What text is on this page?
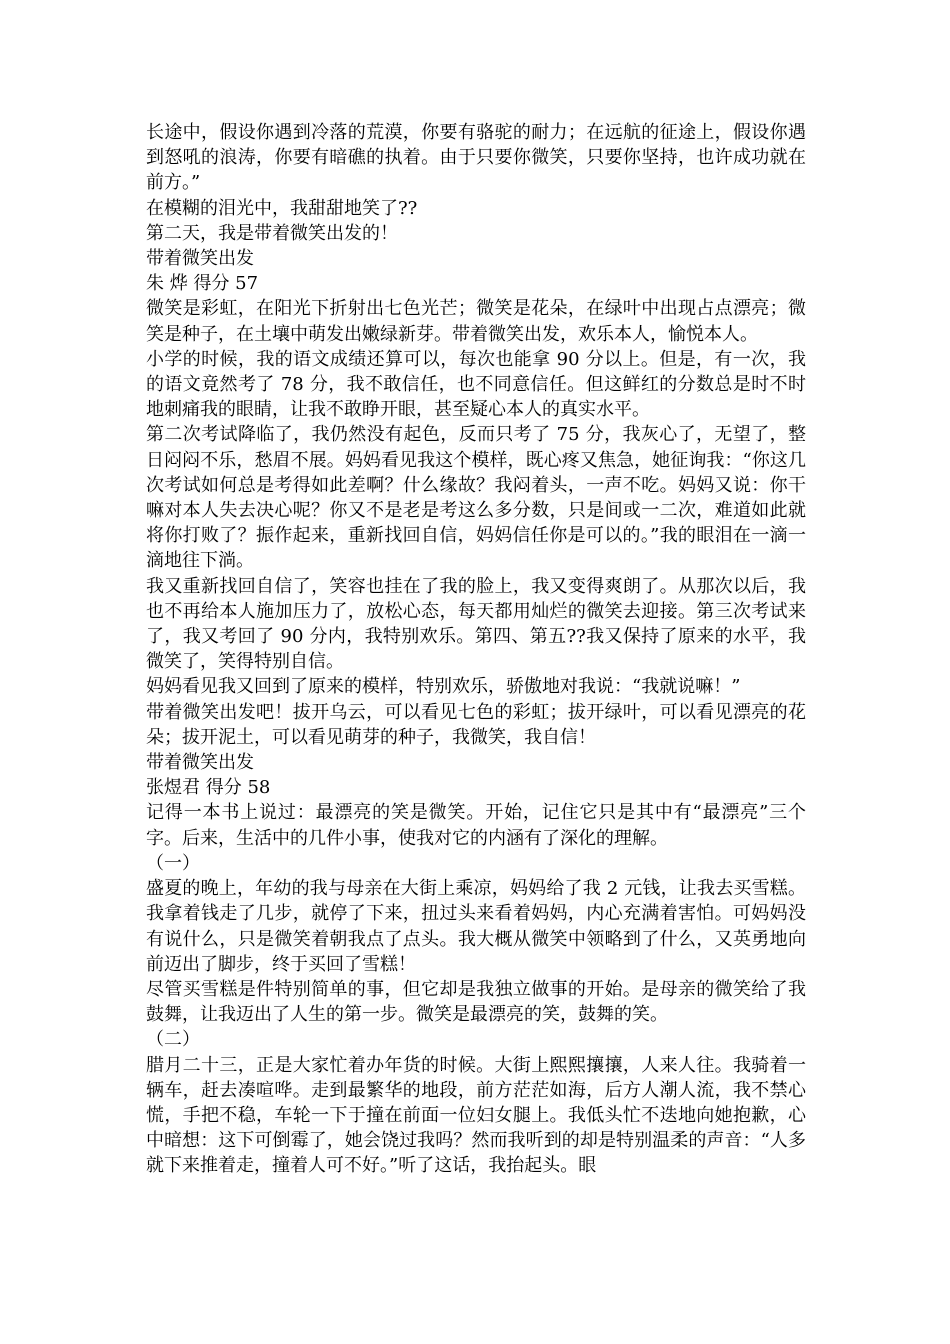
长途中，假设你遇到冷落的荒漠，你要有骆驼的耐力；在远航的征途上，假设你遇到怒吼的浪涛，你要有暗礁的执着。由于只要你微笑，只要你坚持，也许成功就在前方。”

在模糊的泪光中，我甜甜地笑了??

第二天，我是带着微笑出发的！

带着微笑出发

朱 烨 得分 57

微笑是彩虹，在阳光下折射出七色光芒；微笑是花朵，在绿叶中出现占点漂亮；微笑是种子，在土壤中萌发出嫩绿新芽。带着微笑出发，欢乐本人，愉悦本人。

小学的时候，我的语文成绩还算可以，每次也能拿 90 分以上。但是，有一次，我的语文竟然考了 78 分，我不敢信任，也不同意信任。但这鲜红的分数总是时不时地刺痛我的眼睛，让我不敢睁开眼，甚至疑心本人的真实水平。

第二次考试降临了，我仍然没有起色，反而只考了 75 分，我灰心了，无望了，整日闷闷不乐，愁眉不展。妈妈看见我这个模样，既心疼又焦急，她征询我：“你这几次考试如何总是考得如此差啊？什么缘故？我闷着头，一声不吃。妈妈又说：你干嘛对本人失去决心呢？你又不是老是考这么多分数，只是间或一二次，难道如此就将你打败了？振作起来，重新找回自信，妈妈信任你是可以的。”我的眼泪在一滴一滴地往下淌。

我又重新找回自信了，笑容也挂在了我的脸上，我又变得爽朗了。从那次以后，我也不再给本人施加压力了，放松心态，每天都用灿烂的微笑去迎接。第三次考试来了，我又考回了 90 分内，我特别欢乐。第四、第五??我又保持了原来的水平，我微笑了，笑得特别自信。

妈妈看见我又回到了原来的模样，特别欢乐，骄傲地对我说：“我就说嘛！”

带着微笑出发吧！拔开乌云，可以看见七色的彩虹；拔开绿叶，可以看见漂亮的花朵；拔开泥土，可以看见萌芽的种子，我微笑，我自信！

带着微笑出发

张煜君 得分 58

记得一本书上说过：最漂亮的笑是微笑。开始，记住它只是其中有“最漂亮”三个字。后来，生活中的几件小事，使我对它的内涵有了深化的理解。

（一）

盛夏的晚上，年幼的我与母亲在大街上乘凉，妈妈给了我 2 元钱，让我去买雪糕。我拿着钱走了几步，就停了下来，扭过头来看着妈妈，内心充满着害怕。可妈妈没有说什么，只是微笑着朝我点了点头。我大概从微笑中领略到了什么，又英勇地向前迈出了脚步，终于买回了雪糕！

尽管买雪糕是件特别简单的事，但它却是我独立做事的开始。是母亲的微笑给了我鼓舞，让我迈出了人生的第一步。微笑是最漂亮的笑，鼓舞的笑。

（二）

腊月二十三，正是大家忙着办年货的时候。大街上熙熙攘攘，人来人往。我骑着一辆车，赶去凑喧哗。走到最繁华的地段，前方茫茫如海，后方人潮人流，我不禁心慌，手把不稳，车轮一下于撞在前面一位妇女腿上。我低头忙不迭地向她抱歉，心中暗想：这下可倒霉了，她会饶过我吗？然而我听到的却是特别温柔的声音：“人多就下来推着走，撞着人可不好。”听了这话，我抬起头。眼
